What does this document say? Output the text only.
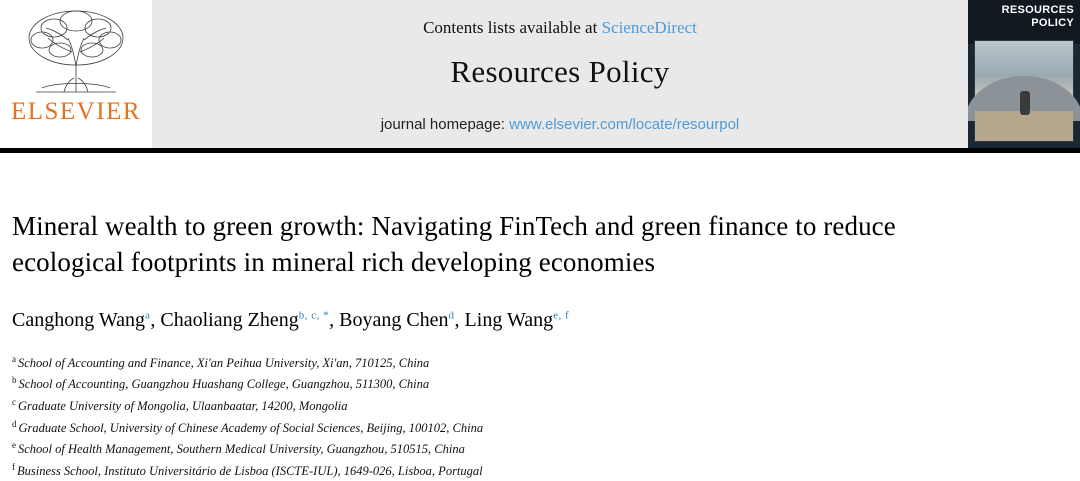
ELSEVIER
Contents lists available at ScienceDirect
Resources Policy
journal homepage: www.elsevier.com/locate/resourpol
RESOURCES
POLICY
Mineral wealth to green growth: Navigating FinTech and green finance to reduce ecological footprints in mineral rich developing economies
Canghong Wang$^a$, Chaoliang Zheng$^{b, c, *}$, Boyang Chen$^d$, Ling Wang$^{e, f}$
$^a$ School of Accounting and Finance, Xi'an Peihua University, Xi'an, 710125, China
$^b$ School of Accounting, Guangzhou Huashang College, Guangzhou, 511300, China
$^c$ Graduate University of Mongolia, Ulaanbaatar, 14200, Mongolia
$^d$ Graduate School, University of Chinese Academy of Social Sciences, Beijing, 100102, China
$^e$ School of Health Management, Southern Medical University, Guangzhou, 510515, China
$^f$ Business School, Instituto Universitário de Lisboa (ISCTE-IUL), 1649-026, Lisboa, Portugal
